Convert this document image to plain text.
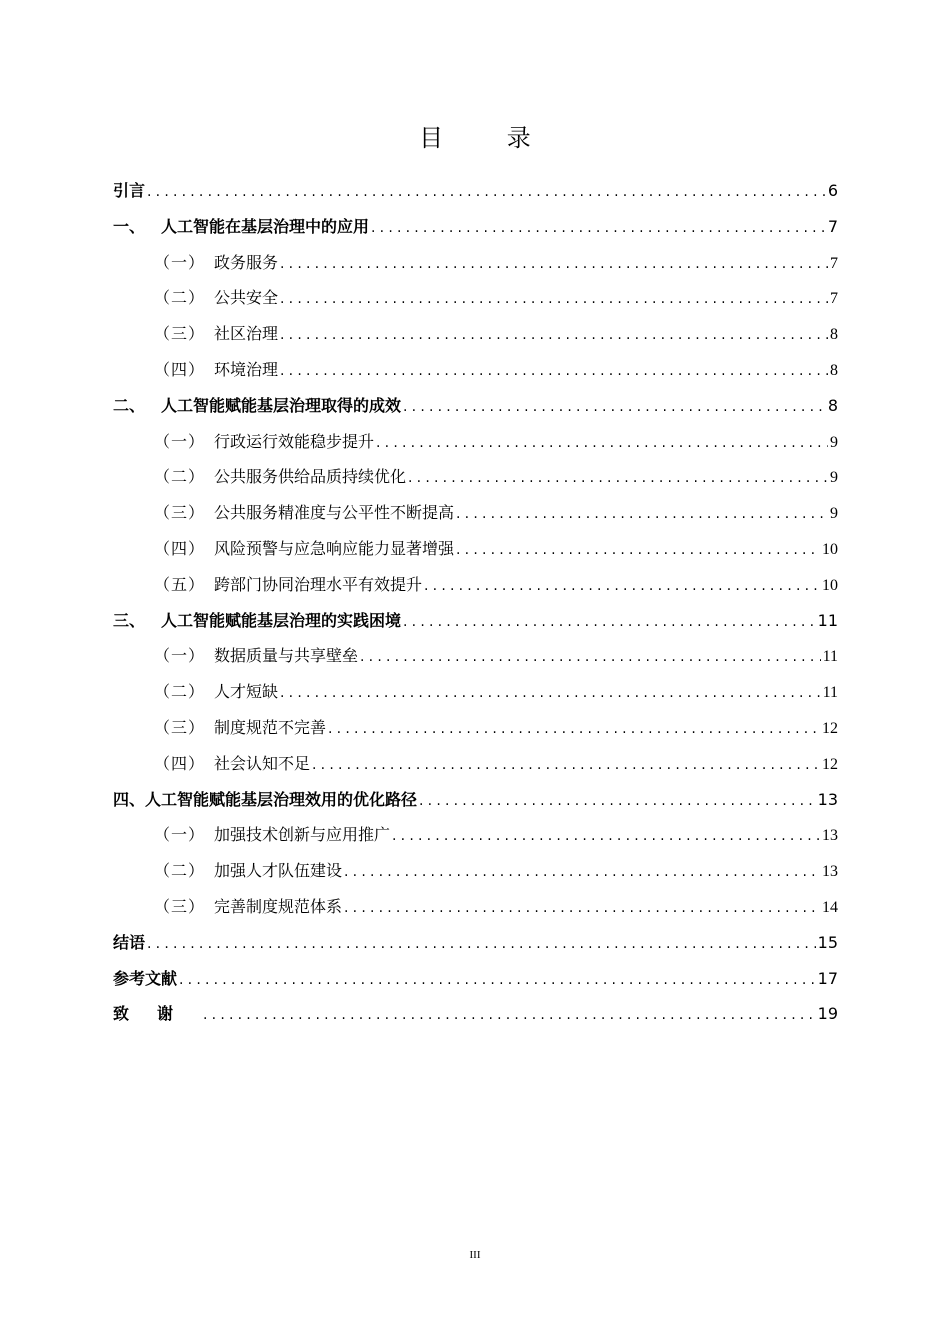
目 录
引言 .....	6
一、 人工智能在基层治理中的应用 .....	7
（一） 政务服务 .....	7
（二） 公共安全 .....	7
（三） 社区治理 .....	8
（四） 环境治理 .....	8
二、 人工智能赋能基层治理取得的成效 .....	8
（一） 行政运行效能稳步提升 .....	9
（二） 公共服务供给品质持续优化 .....	9
（三） 公共服务精准度与公平性不断提高 .....	9
（四） 风险预警与应急响应能力显著增强 .....	10
（五） 跨部门协同治理水平有效提升 .....	10
三、 人工智能赋能基层治理的实践困境 .....	11
（一） 数据质量与共享壁垒 .....	11
（二） 人才短缺 .....	11
（三） 制度规范不完善 .....	12
（四） 社会认知不足 .....	12
四、 人工智能赋能基层治理效用的优化路径 .....	13
（一） 加强技术创新与应用推广 .....	13
（二） 加强人才队伍建设 .....	13
（三） 完善制度规范体系 .....	14
结语 .....	15
参考文献 .....	17
致谢 .....	19
III
